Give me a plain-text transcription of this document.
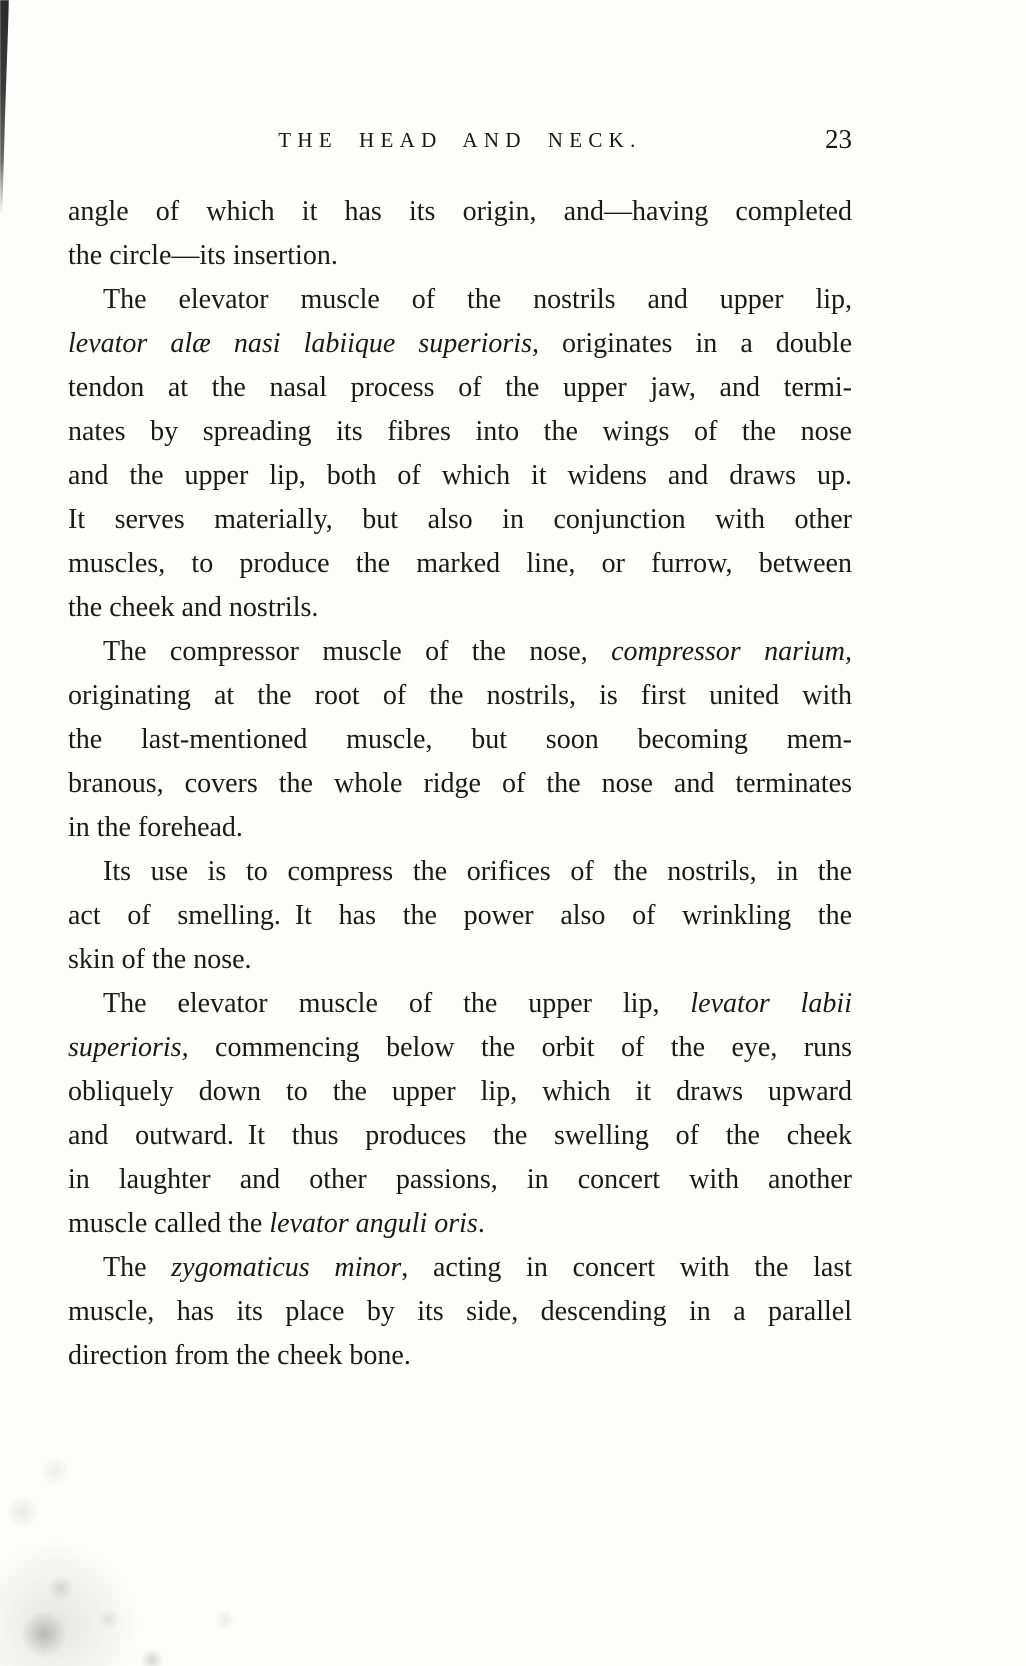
THE HEAD AND NECK.	23
angle of which it has its origin, and—having completed
the circle—its insertion.
The elevator muscle of the nostrils and upper lip,
levator alæ nasi labiique superioris, originates in a double
tendon at the nasal process of the upper jaw, and termi-
nates by spreading its fibres into the wings of the nose
and the upper lip, both of which it widens and draws up.
It serves materially, but also in conjunction with other
muscles, to produce the marked line, or furrow, between
the cheek and nostrils.
The compressor muscle of the nose, compressor narium,
originating at the root of the nostrils, is first united with
the last-mentioned muscle, but soon becoming mem-
branous, covers the whole ridge of the nose and terminates
in the forehead.
Its use is to compress the orifices of the nostrils, in the
act of smelling. It has the power also of wrinkling the
skin of the nose.
The elevator muscle of the upper lip, levator labii
superioris, commencing below the orbit of the eye, runs
obliquely down to the upper lip, which it draws upward
and outward. It thus produces the swelling of the cheek
in laughter and other passions, in concert with another
muscle called the levator anguli oris.
The zygomaticus minor, acting in concert with the last
muscle, has its place by its side, descending in a parallel
direction from the cheek bone.
